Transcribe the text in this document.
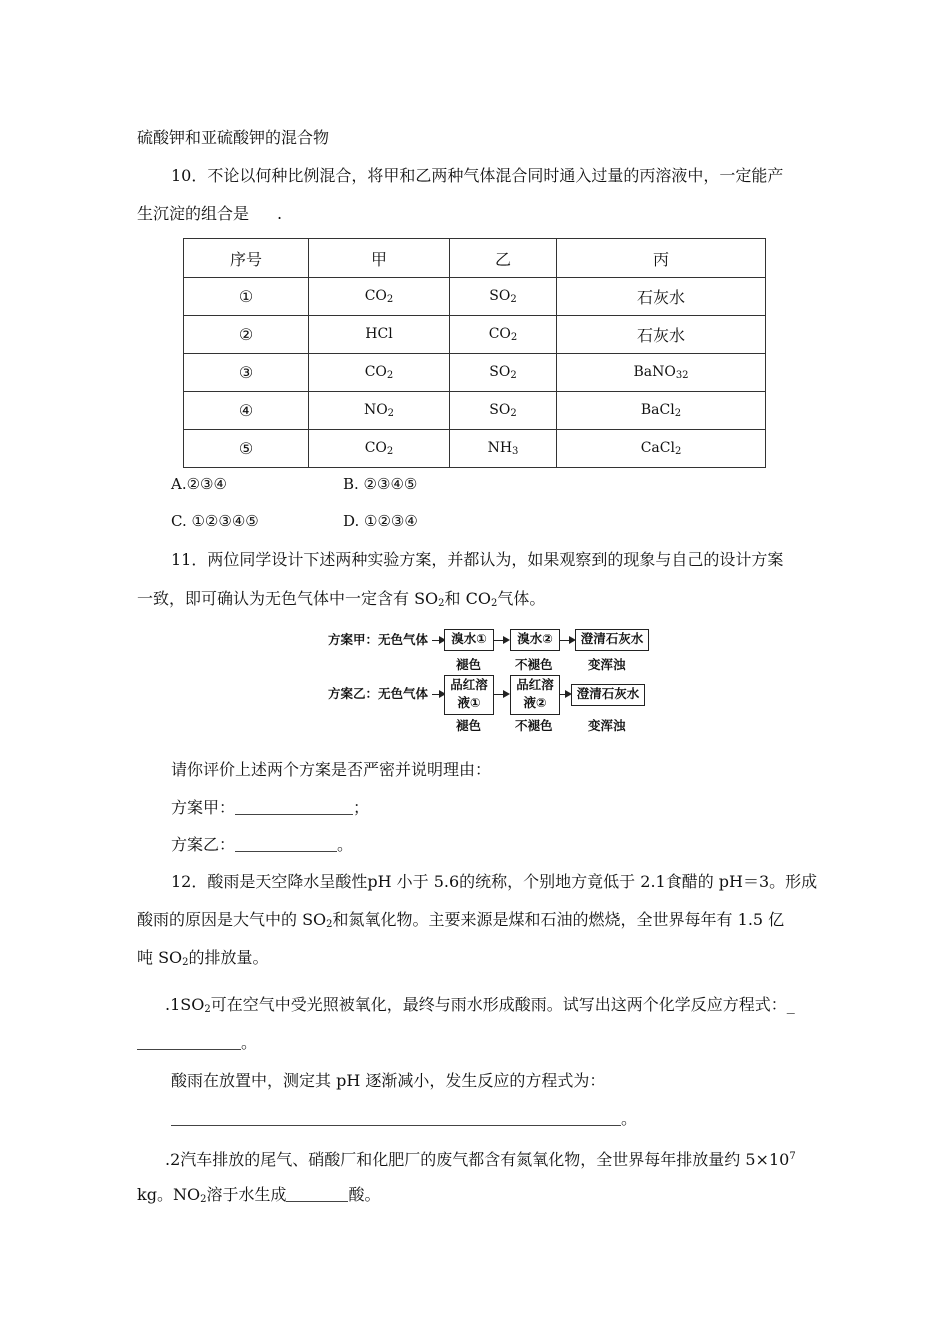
硫酸钾和亚硫酸钾的混合物
10．不论以何种比例混合，将甲和乙两种气体混合同时通入过量的丙溶液中，一定能产
生沉淀的组合是 .
序号	甲	乙	丙
①	$CO_2$	$SO_2$	石灰水
②	HCl	$CO_2$	石灰水
③	$CO_2$	$SO_2$	BaNO$_{32}$
④	$NO_2$	$SO_2$	BaCl$_2$
⑤	$CO_2$	$NH_3$	CaCl$_2$
A.②③④	B. ②③④⑤
C. ①②③④⑤	D. ①②③④
11．两位同学设计下述两种实验方案，并都认为，如果观察到的现象与自己的设计方案
一致，即可确认为无色气体中一定含有 $SO_2$和 $CO_2$气体。
方案甲：无色气体	溴水①	溴水②	澄清石灰水
褪色	不褪色	变浑浊
方案乙：无色气体
品红溶
液①
品红溶
液②
澄清石灰水
褪色	不褪色	变浑浊
请你评价上述两个方案是否严密并说明理由：
方案甲：	；
方案乙：	。
12．酸雨是天空降水呈酸性pH 小于 5.6的统称，个别地方竟低于 2.1食醋的 pH＝3。形成
酸雨的原因是大气中的 $SO_2$和氮氧化物。主要来源是煤和石油的燃烧，全世界每年有 1.5 亿
吨 $SO_2$的排放量。
$.1SO_2$可在空气中受光照被氧化，最终与雨水形成酸雨。试写出这两个化学反应方程式：_
。
酸雨在放置中，测定其 pH 逐渐减小，发生反应的方程式为：
。
.2汽车排放的尾气、硝酸厂和化肥厂的废气都含有氮氧化物，全世界每年排放量约 $5\times 10^7$
kg。$NO_2$溶于水生成	酸。
